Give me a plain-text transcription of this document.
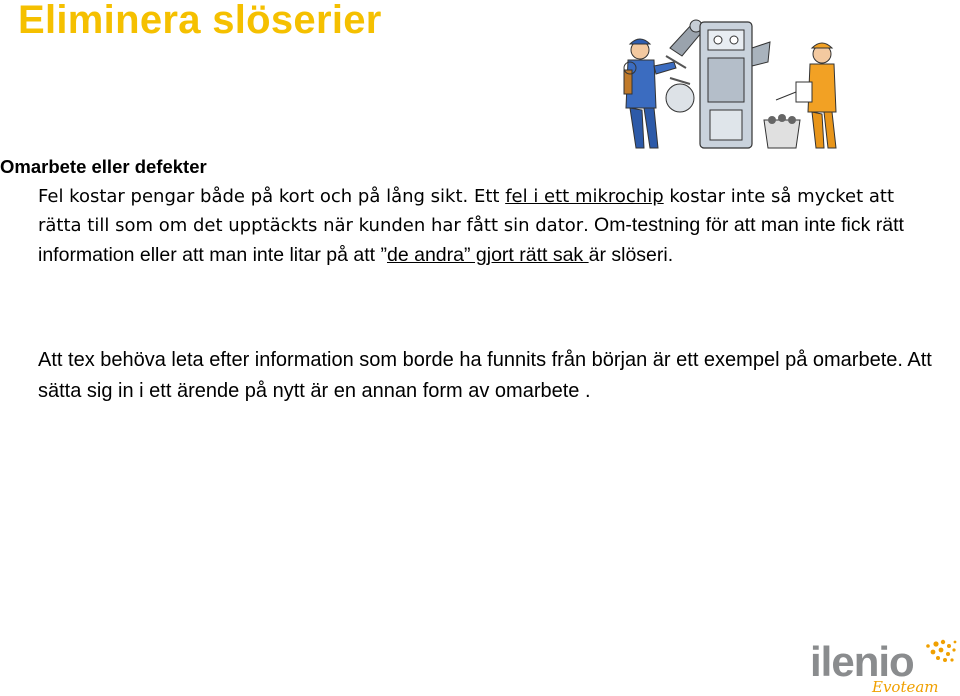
Eliminera slöserier
Omarbete eller defekter
Fel kostar pengar både på kort och på lång sikt. Ett fel i ett mikrochip kostar inte så mycket att rätta till som om det upptäckts när kunden har fått sin dator. Om-testning för att man inte fick rätt information eller att man inte litar på att ”de andra” gjort rätt sak är slöseri.
Att tex behöva leta efter information som borde ha funnits från början är ett exempel på omarbete. Att sätta sig in i ett ärende på nytt är en annan form av omarbete .
ilenio
Evoteam
